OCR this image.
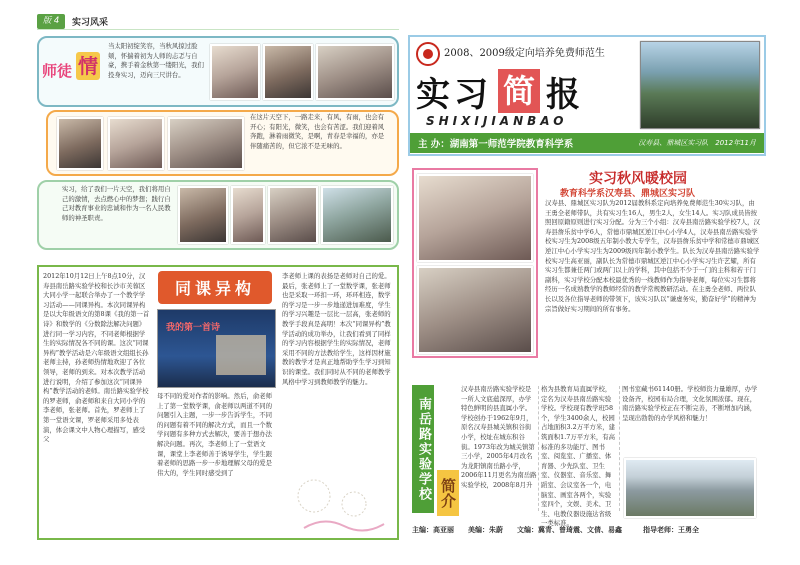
版 4	实习风采
师徒 情
当太阳初绽笑容，当秋风掠过脸颊，怀揣着初为人师的忐忑与自豪，携手着金秋第一缕阳光，我们投身实习，迈向三尺讲台。
在这片天空下，一路走来，有风，有雨，也会有开心；有阳光，微笑，也会有苦涩。我们迎着风奔跑，淋着雨微笑，是啊，青春是幸福的，亦是伴随痛苦的，但它浓不是无味的。
实习，给了我们一片天空，我们将用自己的激情，去点燃心中的梦想；践行自己对教育事业的忠诚和作为一名人民教师的神圣职责。
2012年10月12日上午8点10分，汉寿县南岳路实验学校和长沙市芙蓉区大同小学一起联合举办了一个教学学习活动——同课异构。本次同课异构是以大年级语文的第8课《我的第一首诗》和数学的《分数除法解决问题》进行同一学习内容，不同老师根据学生的实际情况各不同的课。这次“同课异构”教学活动是六年级语文组组长孙老师主持，孙老师热情地欢迎了各位领导，老师的到来。对本次教学活动进行说明，介绍了参加这次“同课异构”教学活动的老师。南岳路实验学校的罗老师，俞老师和来自大同小学的李老师，张老师。首先，罗老师上了第一堂语文课，罗老师采用多处表演，体会课文中人物心理描写，感受父
同课异构
我的第一首诗
母不同的爱对作者的影响。然后，俞老师上了第一堂数学课，俞老师以两道不同的问题引入主题，一步一步告诉学生，不同的问题有着不同的解决方式，而且一个数学问题有多种方式去解决，要善于想办法解决问题。再次，李老师上了一堂语文课，课堂上李老师善于诱导学生，学生跟着老师的思路一步一步地理解父母的爱是伟大的，学生同时感受到了
李老师上课的表扬是老师对自己的爱。最后，张老师上了一堂数学课，张老师也是采取一环扣一环，环环相连，数学的学习是一步一步地递进加难度，学生的学习兴趣是一层比一层高，张老师的教学手段真是高明！本次“同课异构”教学活动的成功举办，让我们看到了同样的学习内容根据学生的实际情况，老师采用不同的方法教给学生，这样因材施教的教学才是真正地帮助学生学习到知识的课堂。我们同时从不同的老师教学风格中学习到教师教学的魅力。
2008、2009级定向培养免费师范生
实习 简 报
SHIXIJIANBAO
主 办：湖南第一师范学院教育科学系	汉寿县、鼎城区实习队　2012年11月
实习秋风暖校园
教育科学系汉寿县、鼎城区实习队
汉寿县、鼎城区实习队为2012届教科系定向培养免费师范生30实习队，由王勇全老师带队，共有实习生16人，男生2人，女生14人。实习队成员皆按照回原籍原则进行实习分配。分为三个小组：汉寿县南岳路实验学校7人，汉寿县詹乐贫中学6人，常德市鼎城区逆江中心小学4人，汉寿县南岳路实验学校实习生为2008级五年制小教大专学生，汉寿县詹乐贫中学和常德市鼎城区逆江中心小学实习生为2009级四年制小教学生。队长为汉寿县南岳路实验学校实习生高亚丽，副队长为常德市鼎城区逆江中心小学实习生许艺耀，所有实习生都兼任两门或两门以上的学科，其中包括不少于一门的主科和若干门副科，实习学校分配本校最优秀的一线教师作为指导老师，每位实习生都将经历一名成熟教学的教师经常的教学常规教研活动。在主勇全老师、两位队长以及各位指导老师的带领下，该实习队以“谦虚务实，勤奋好学”的精神为宗旨做好实习期间的所有事务。
南岳路实验学校 简介
汉寿县南岳路实验学校是一所人文底蕴深厚，办学特色鲜明的县直属小学。学校创办于1962年9月，原名汉寿县城关镇积谷街小学，校址在城东积谷街。1973年改为城关镇第三小学，2005年4月改名为龙阳镇南岳路小学，2006年11月更名为南岳路实验学校，2008年8月升
格为县教育局直属学校，定名为汉寿县南岳路实验学校。学校现有教学班58个，学生3400余人，校园占地面积3.2万平方米，建筑面积1.7万平方米，有高标准的多功能厅、图书室、阅览室、广播室、体育器、少先队室、卫生室、仪器室、音乐室、舞蹈室、会议室各一个，电脑室、画室各两个，实验室四个，文娱、美术、卫生、电教仪器设施达省级一类标准。
图书室藏书61140册。学校师资力量雄厚，办学设备齐，校园布局合理，文化氛围浓郁。现在，南岳路实验学校正在不断完善，不断增加内涵，呈现出勃勃的办学风格和魅力！
主编：高亚丽　　美编：朱蔚　　文编：冀青、曾琦震、文倩、易鑫　　　指导老师：王勇全
